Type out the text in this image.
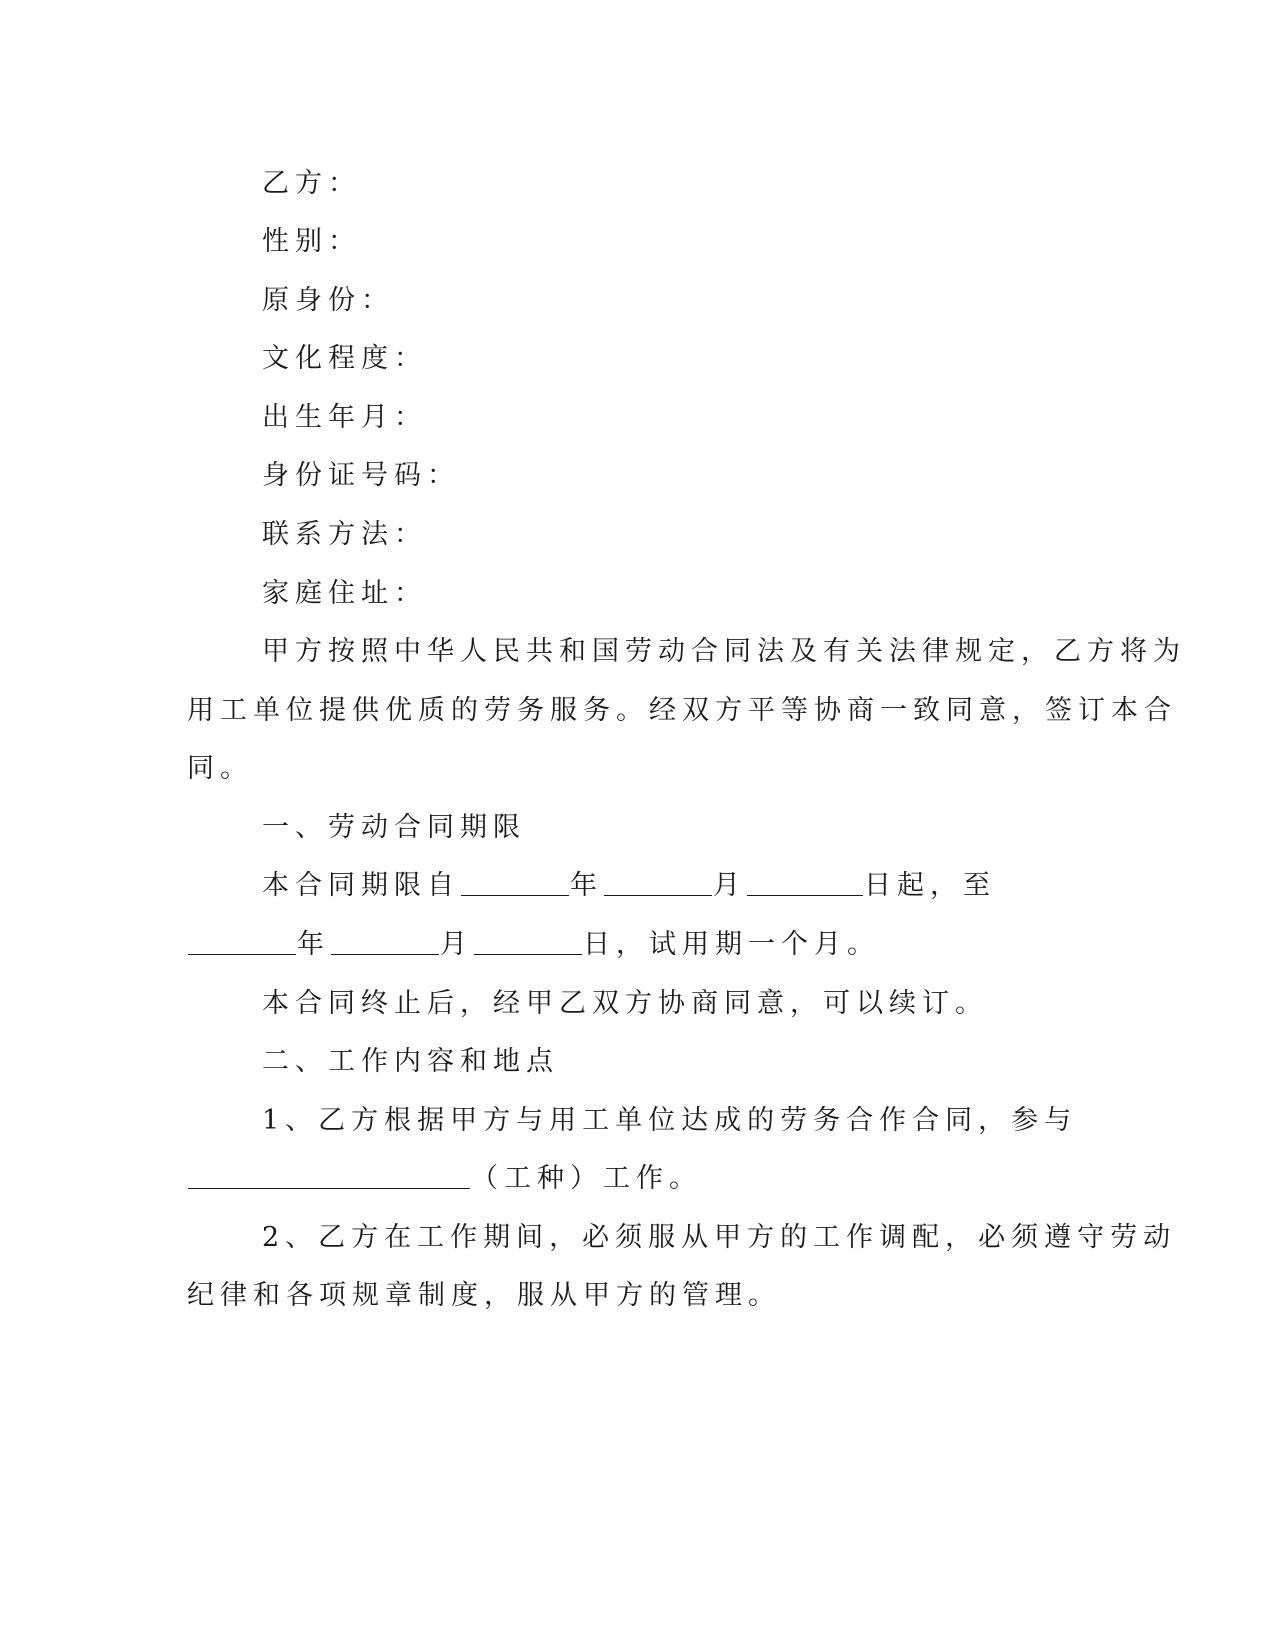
乙方：
性别：
原身份：
文化程度：
出生年月：
身份证号码：
联系方法：
家庭住址：
甲方按照中华人民共和国劳动合同法及有关法律规定，乙方将为
用工单位提供优质的劳务服务。经双方平等协商一致同意，签订本合
同。
一、劳动合同期限
本合同期限自	年	月	日起，至
年	月	日，试用期一个月。
本合同终止后，经甲乙双方协商同意，可以续订。
二、工作内容和地点
1、乙方根据甲方与用工单位达成的劳务合作合同，参与
（工种）工作。
2、乙方在工作期间，必须服从甲方的工作调配，必须遵守劳动
纪律和各项规章制度，服从甲方的管理。
